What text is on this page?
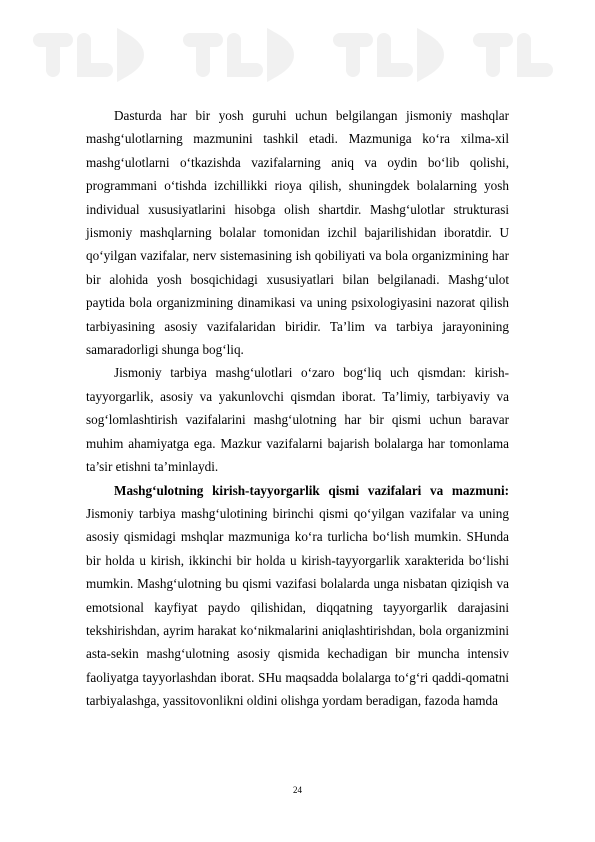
Dasturda har bir yosh guruhi uchun belgilangan jismoniy mashqlar mashg‘ulotlarning mazmunini tashkil etadi. Mazmuniga ko‘ra xilma-xil mashg‘ulotlarni o‘tkazishda vazifalarning aniq va oydin bo‘lib qolishi, programmani o‘tishda izchillikki rioya qilish, shuningdek bolalarning yosh individual xususiyatlarini hisobga olish shartdir. Mashg‘ulotlar strukturasi jismoniy mashqlarning bolalar tomonidan izchil bajarilishidan iboratdir. U qo‘yilgan vazifalar, nerv sistemasining ish qobiliyati va bola organizmining har bir alohida yosh bosqichidagi xususiyatlari bilan belgilanadi. Mashg‘ulot paytida bola organizmining dinamikasi va uning psixologiyasini nazorat qilish tarbiyasining asosiy vazifalaridan biridir. Ta’lim va tarbiya jarayonining samaradorligi shunga bog‘liq.

Jismoniy tarbiya mashg‘ulotlari o‘zaro bog‘liq uch qismdan: kirish-tayyorgarlik, asosiy va yakunlovchi qismdan iborat. Ta’limiy, tarbiyaviy va sog‘lomlashtirish vazifalarini mashg‘ulotning har bir qismi uchun baravar muhim ahamiyatga ega. Mazkur vazifalarni bajarish bolalarga har tomonlama ta’sir etishni ta’minlaydi.

Mashg‘ulotning kirish-tayyorgarlik qismi vazifalari va mazmuni: Jismoniy tarbiya mashg‘ulotining birinchi qismi qo‘yilgan vazifalar va uning asosiy qismidagi mshqlar mazmuniga ko‘ra turlicha bo‘lish mumkin. SHunda bir holda u kirish, ikkinchi bir holda u kirish-tayyorgarlik xarakterida bo‘lishi mumkin. Mashg‘ulotning bu qismi vazifasi bolalarda unga nisbatan qiziqish va emotsional kayfiyat paydo qilishidan, diqqatning tayyorgarlik darajasini tekshirishdan, ayrim harakat ko‘nikmalarini aniqlashtirishdan, bola organizmini asta-sekin mashg‘ulotning asosiy qismida kechadigan bir muncha intensiv faoliyatga tayyorlashdan iborat. SHu maqsadda bolalarga to‘g‘ri qaddi-qomatni tarbiyalashga, yassitovonlikni oldini olishga yordam beradigan, fazoda hamda

24
